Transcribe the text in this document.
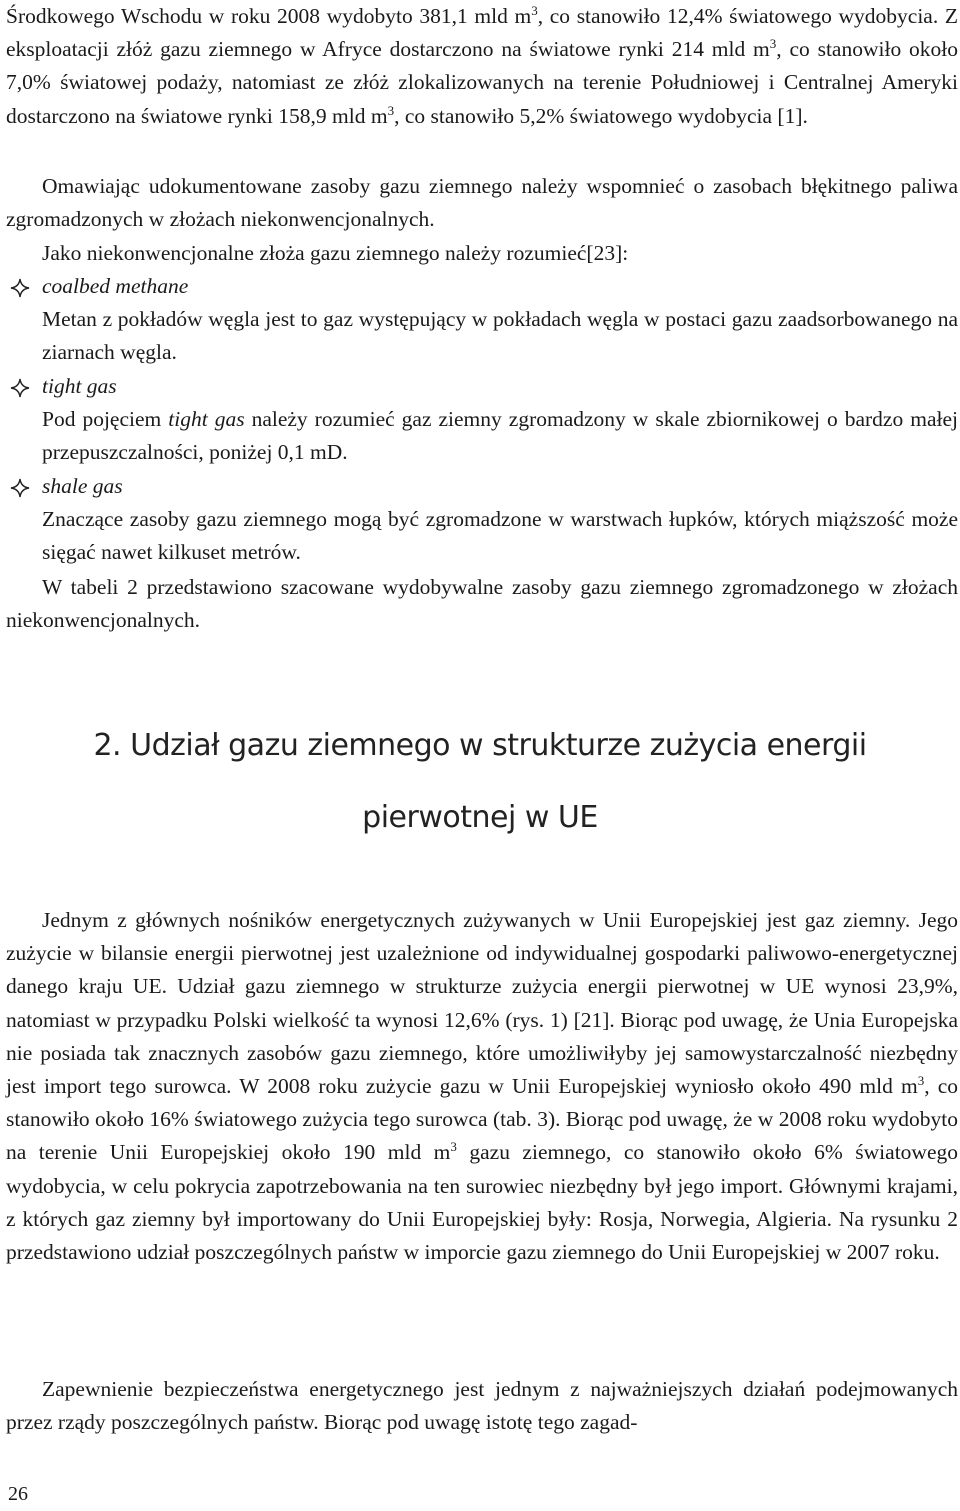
Środkowego Wschodu w roku 2008 wydobyto 381,1 mld $m^3$, co stanowiło 12,4% światowego wydobycia. Z eksploatacji złóż gazu ziemnego w Afryce dostarczono na światowe rynki 214 mld $m^3$, co stanowiło około 7,0% światowej podaży, natomiast ze złóż zlokalizowanych na terenie Południowej i Centralnej Ameryki dostarczono na światowe rynki 158,9 mld $m^3$, co stanowiło 5,2% światowego wydobycia [1].

Omawiając udokumentowane zasoby gazu ziemnego należy wspomnieć o zasobach błękitnego paliwa zgromadzonych w złożach niekonwencjonalnych.

Jako niekonwencjonalne złoża gazu ziemnego należy rozumieć[23]:

coalbed methane

Metan z pokładów węgla jest to gaz występujący w pokładach węgla w postaci gazu zaadsorbowanego na ziarnach węgla.

tight gas

Pod pojęciem tight gas należy rozumieć gaz ziemny zgromadzony w skale zbiornikowej o bardzo małej przepuszczalności, poniżej 0,1 mD.

shale gas

Znaczące zasoby gazu ziemnego mogą być zgromadzone w warstwach łupków, których miąższość może sięgać nawet kilkuset metrów.

W tabeli 2 przedstawiono szacowane wydobywalne zasoby gazu ziemnego zgromadzonego w złożach niekonwencjonalnych.

2. Udział gazu ziemnego w strukturze zużycia energii
pierwotnej w UE

Jednym z głównych nośników energetycznych zużywanych w Unii Europejskiej jest gaz ziemny. Jego zużycie w bilansie energii pierwotnej jest uzależnione od indywidualnej gospodarki paliwowo-energetycznej danego kraju UE. Udział gazu ziemnego w strukturze zużycia energii pierwotnej w UE wynosi 23,9%, natomiast w przypadku Polski wielkość ta wynosi 12,6% (rys. 1) [21]. Biorąc pod uwagę, że Unia Europejska nie posiada tak znacznych zasobów gazu ziemnego, które umożliwiłyby jej samowystarczalność niezbędny jest import tego surowca. W 2008 roku zużycie gazu w Unii Europejskiej wyniosło około 490 mld $m^3$, co stanowiło około 16% światowego zużycia tego surowca (tab. 3). Biorąc pod uwagę, że w 2008 roku wydobyto na terenie Unii Europejskiej około 190 mld $m^3$ gazu ziemnego, co stanowiło około 6% światowego wydobycia, w celu pokrycia zapotrzebowania na ten surowiec niezbędny był jego import. Głównymi krajami, z których gaz ziemny był importowany do Unii Europejskiej były: Rosja, Norwegia, Algieria. Na rysunku 2 przedstawiono udział poszczególnych państw w imporcie gazu ziemnego do Unii Europejskiej w 2007 roku.

Zapewnienie bezpieczeństwa energetycznego jest jednym z najważniejszych działań podejmowanych przez rządy poszczególnych państw. Biorąc pod uwagę istotę tego zagad-

26
